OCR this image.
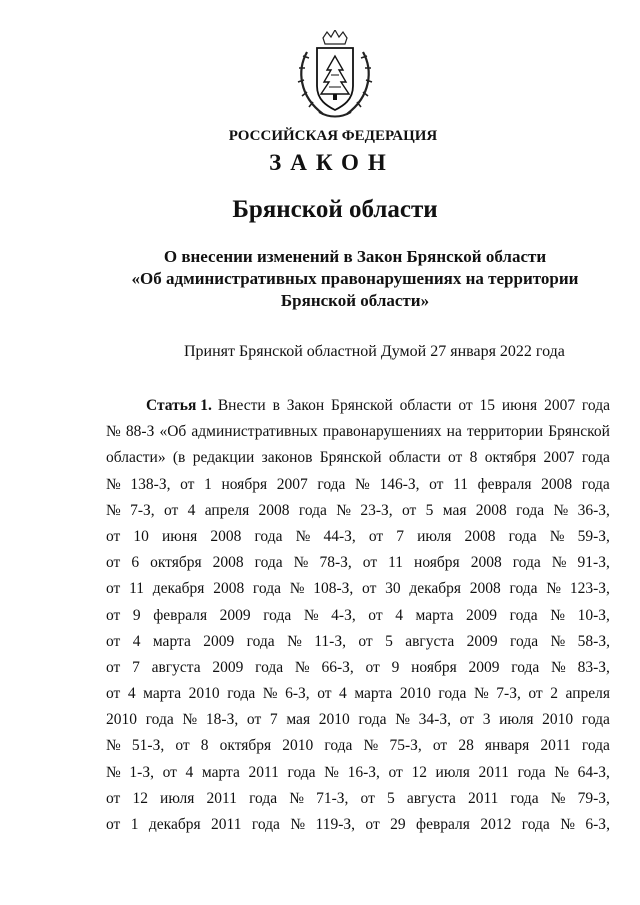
РОССИЙСКАЯ ФЕДЕРАЦИЯ
ЗАКОН
Брянской области
О внесении изменений в Закон Брянской области
«Об административных правонарушениях на территории
Брянской области»
Принят Брянской областной Думой 27 января 2022 года
Статья 1. Внести в Закон Брянской области от 15 июня 2007 года
№ 88-З «Об административных правонарушениях на территории Брянской
области» (в редакции законов Брянской области от 8 октября 2007 года
№ 138-З, от 1 ноября 2007 года № 146-З, от 11 февраля 2008 года
№ 7-З, от 4 апреля 2008 года № 23-З, от 5 мая 2008 года № 36-З,
от 10 июня 2008 года № 44-З, от 7 июля 2008 года № 59-З,
от 6 октября 2008 года № 78-З, от 11 ноября 2008 года № 91-З,
от 11 декабря 2008 года № 108-З, от 30 декабря 2008 года № 123-З,
от 9 февраля 2009 года № 4-З, от 4 марта 2009 года № 10-З,
от 4 марта 2009 года № 11-З, от 5 августа 2009 года № 58-З,
от 7 августа 2009 года № 66-З, от 9 ноября 2009 года № 83-З,
от 4 марта 2010 года № 6-З, от 4 марта 2010 года № 7-З, от 2 апреля
2010 года № 18-З, от 7 мая 2010 года № 34-З, от 3 июля 2010 года
№ 51-З, от 8 октября 2010 года № 75-З, от 28 января 2011 года
№ 1-З, от 4 марта 2011 года № 16-З, от 12 июля 2011 года № 64-З,
от 12 июля 2011 года № 71-З, от 5 августа 2011 года № 79-З,
от 1 декабря 2011 года № 119-З, от 29 февраля 2012 года № 6-З,
